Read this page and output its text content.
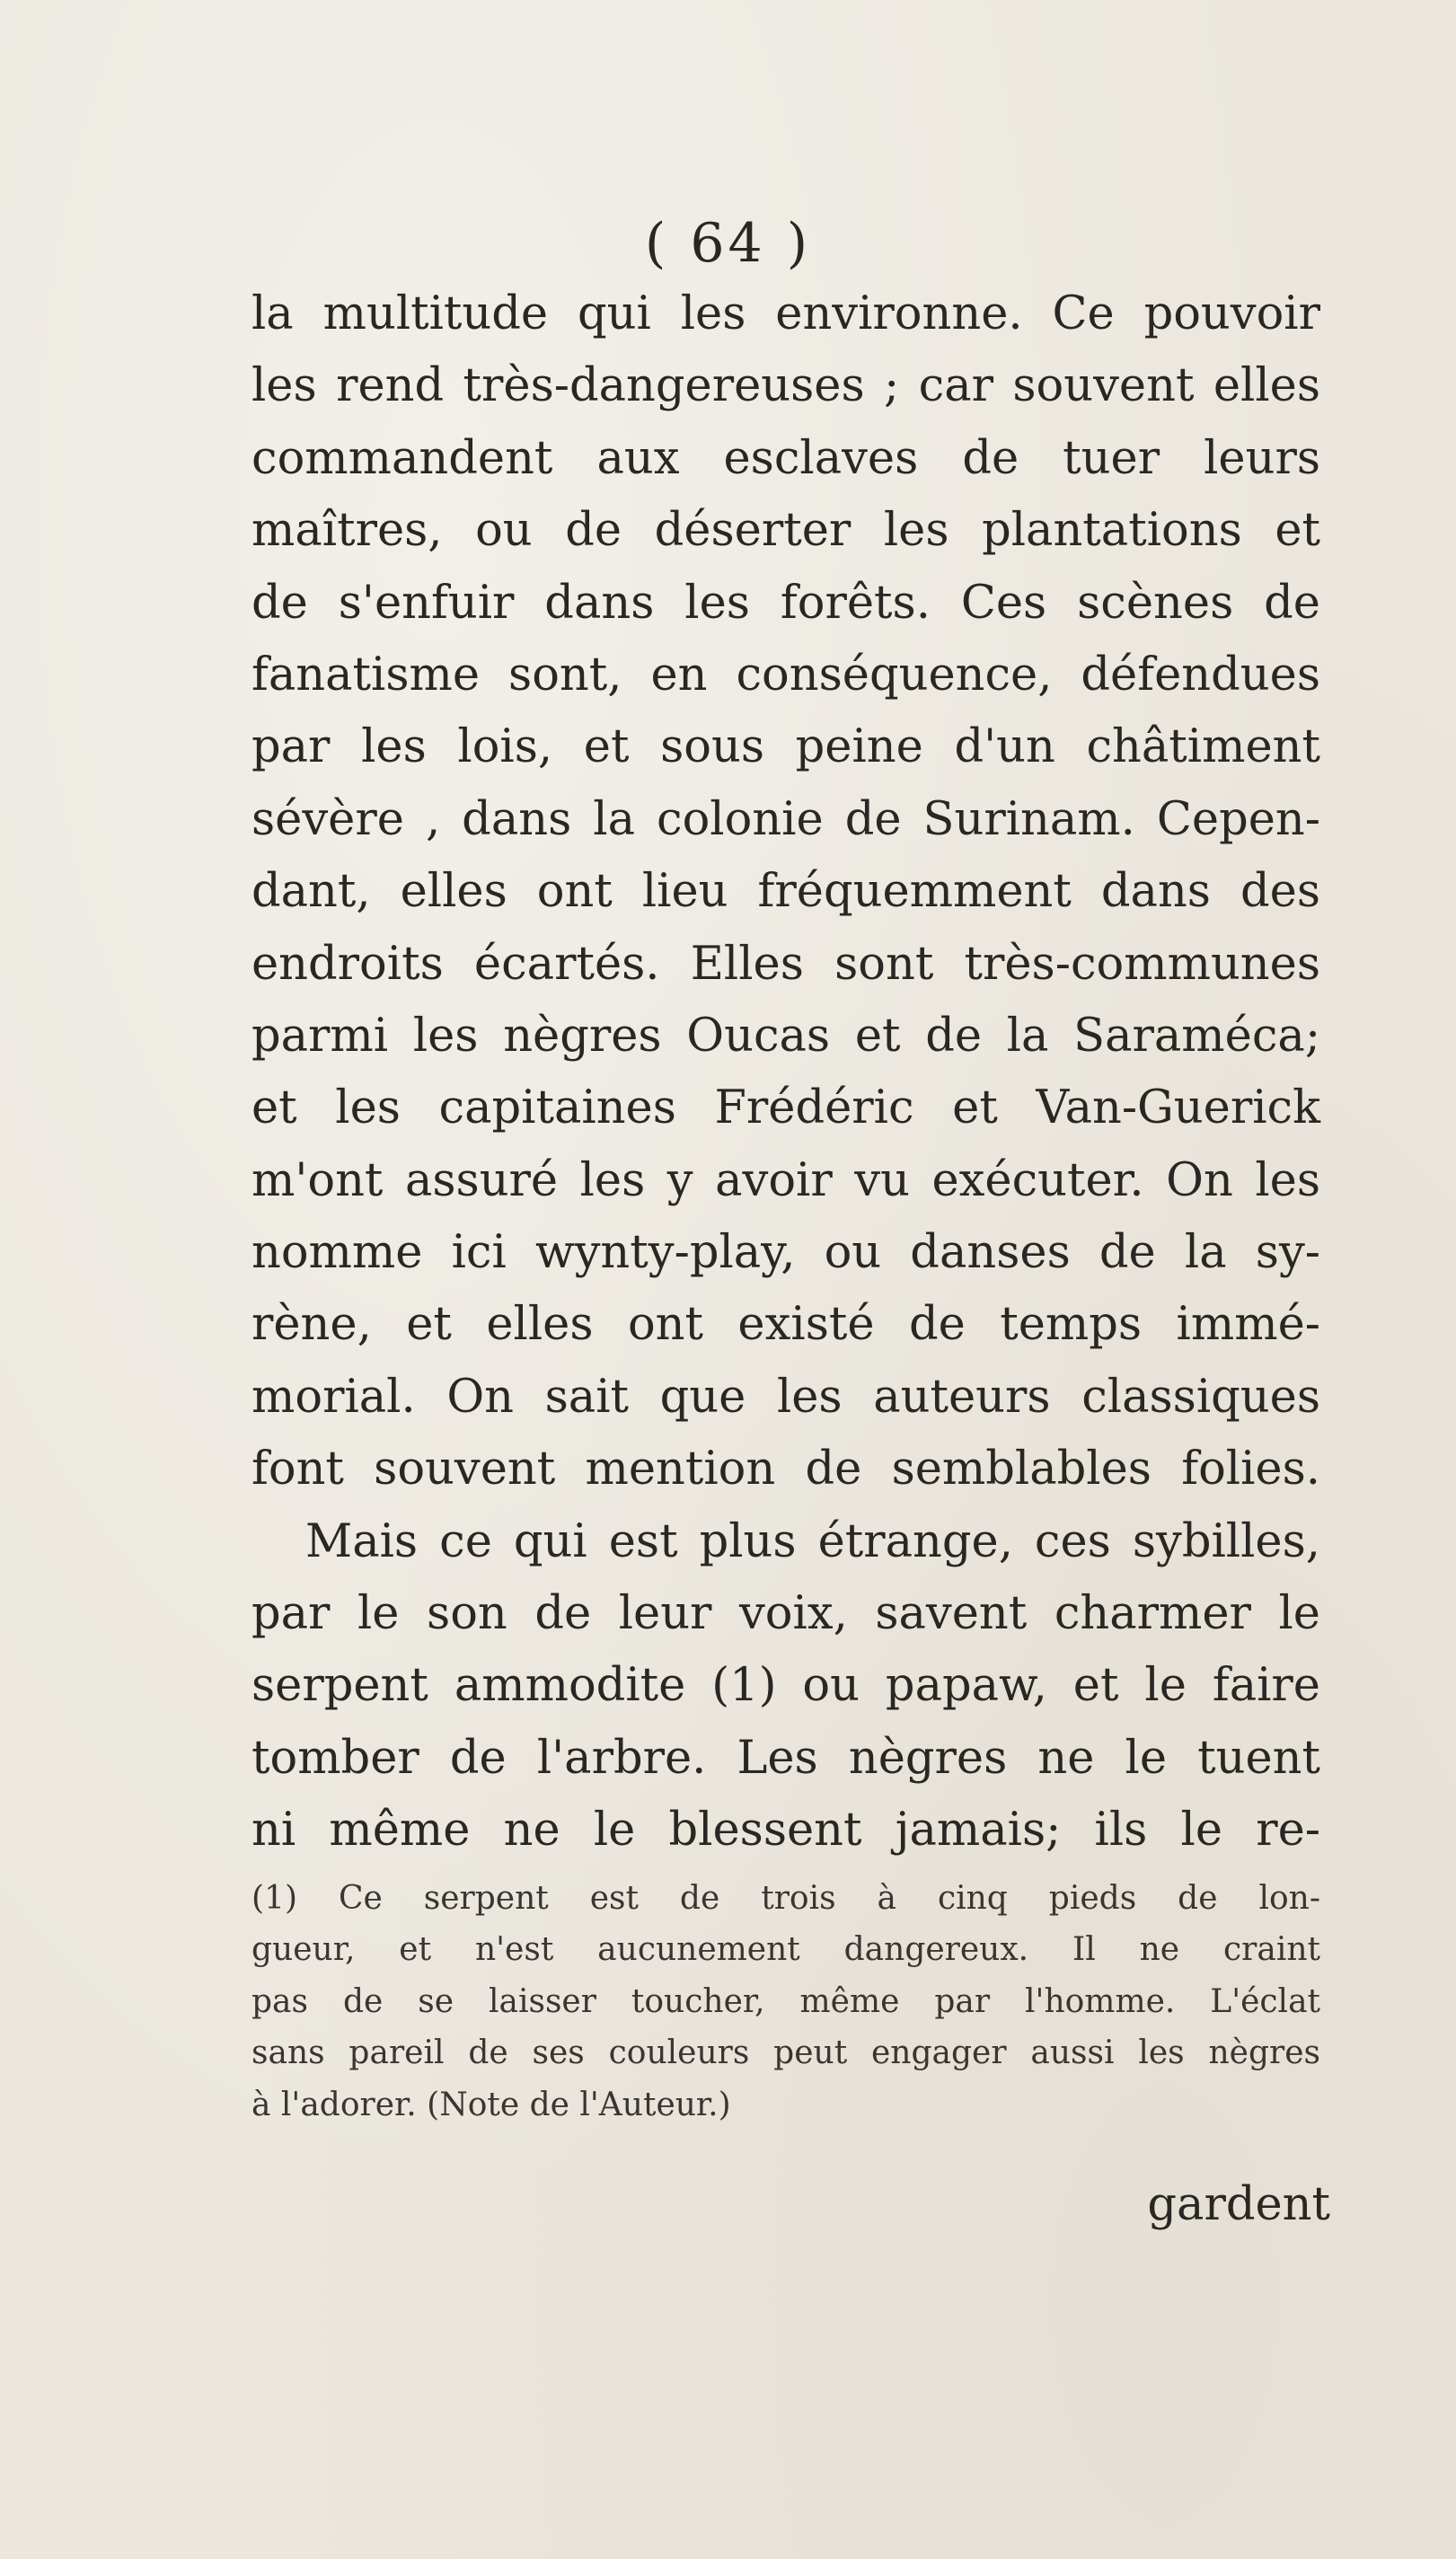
( 64 )
la multitude qui les environne. Ce pouvoir
les rend très-dangereuses ; car souvent elles
commandent aux esclaves de tuer leurs
maîtres, ou de déserter les plantations et
de s'enfuir dans les forêts. Ces scènes de
fanatisme sont, en conséquence, défendues
par les lois, et sous peine d'un châtiment
sévère , dans la colonie de Surinam. Cepen-
dant, elles ont lieu fréquemment dans des
endroits écartés. Elles sont très-communes
parmi les nègres Oucas et de la Saraméca;
et les capitaines Frédéric et Van-Guerick
m'ont assuré les y avoir vu exécuter. On les
nomme ici wynty-play, ou danses de la sy-
rène, et elles ont existé de temps immé-
morial. On sait que les auteurs classiques
font souvent mention de semblables folies.
Mais ce qui est plus étrange, ces sybilles,
par le son de leur voix, savent charmer le
serpent ammodite (1) ou papaw, et le faire
tomber de l'arbre. Les nègres ne le tuent
ni même ne le blessent jamais; ils le re-
(1) Ce serpent est de trois à cinq pieds de lon-
gueur, et n'est aucunement dangereux. Il ne craint
pas de se laisser toucher, même par l'homme. L'éclat
sans pareil de ses couleurs peut engager aussi les nègres
à l'adorer. (Note de l'Auteur.)
gardent
